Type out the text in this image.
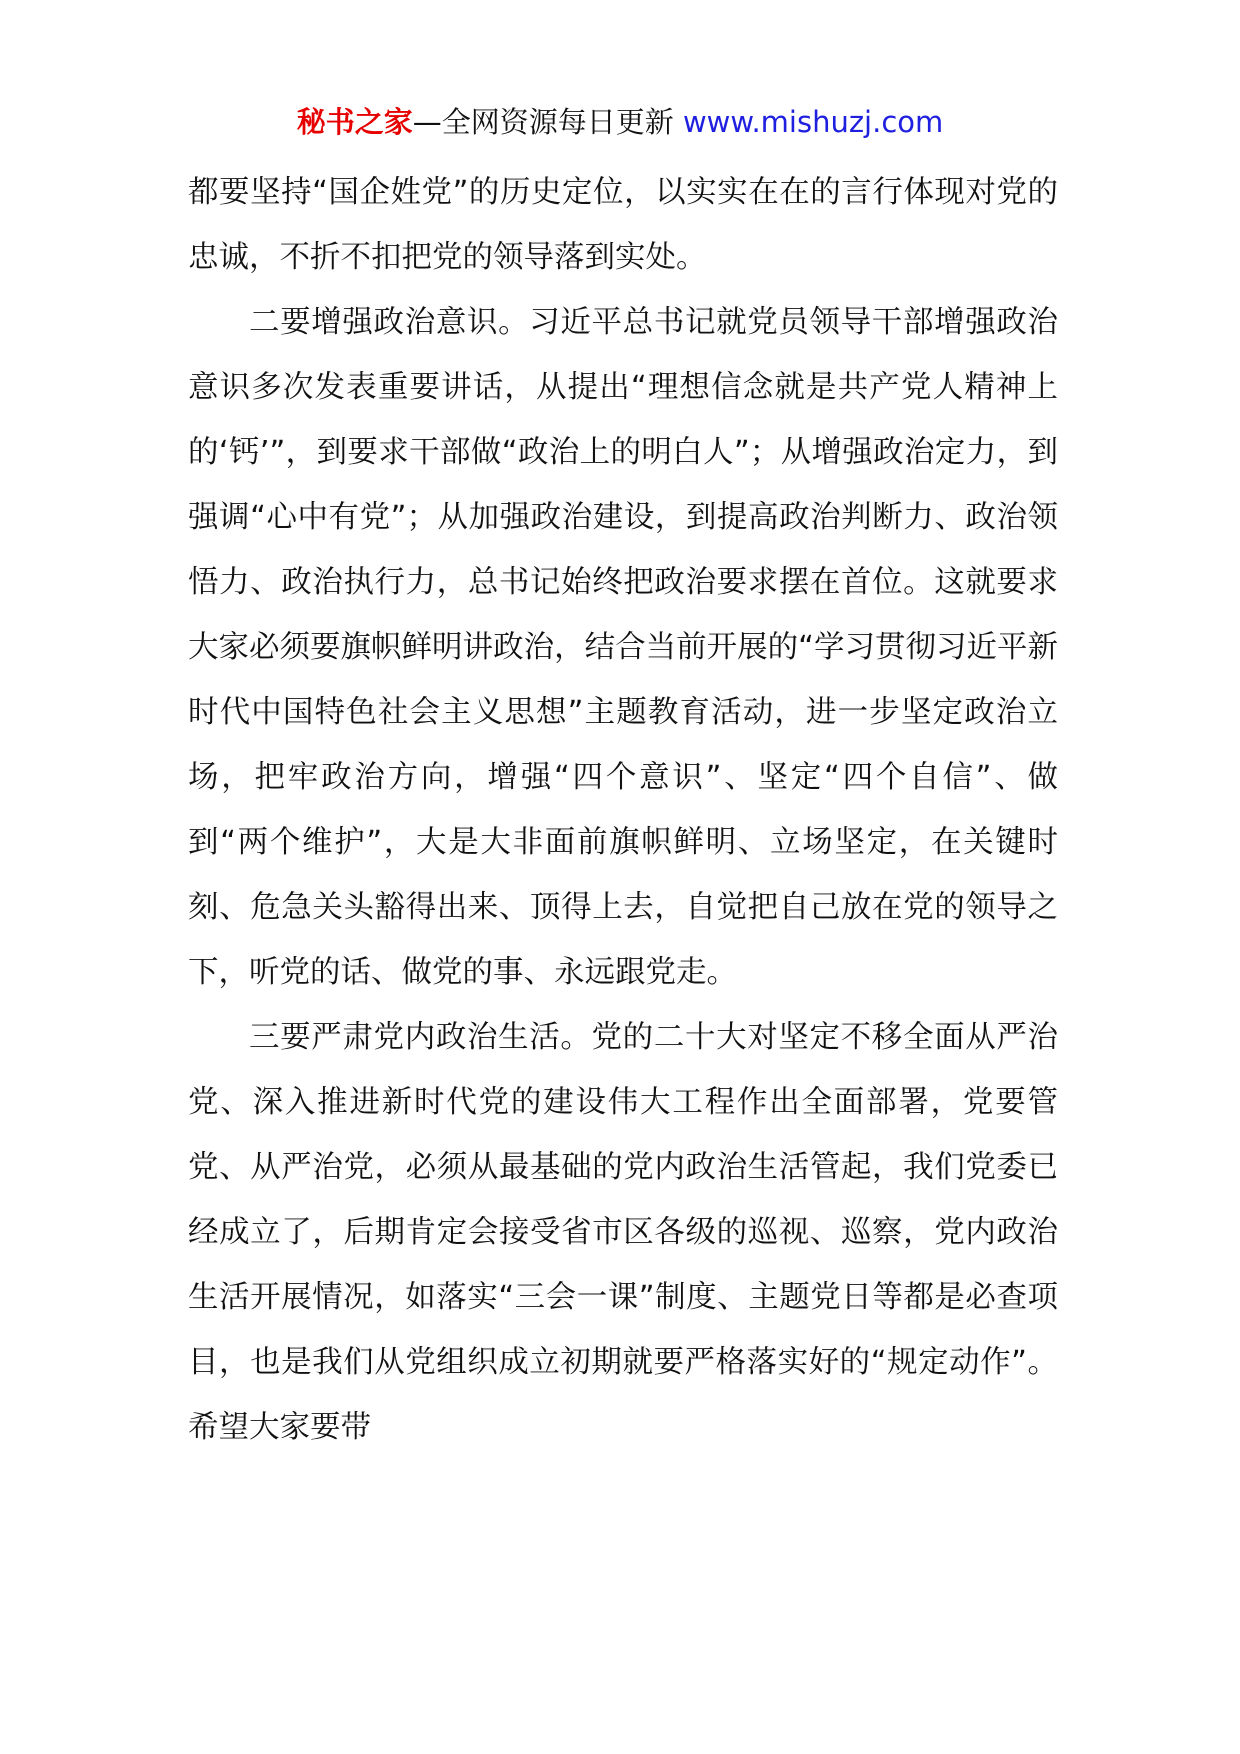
秘书之家—全网资源每日更新 www.mishuzj.com

都要坚持“国企姓党”的历史定位，以实实在在的言行体现对党的忠诚，不折不扣把党的领导落到实处。

二要增强政治意识。习近平总书记就党员领导干部增强政治意识多次发表重要讲话，从提出“理想信念就是共产党人精神上的‘钙’”，到要求干部做“政治上的明白人”；从增强政治定力，到强调“心中有党”；从加强政治建设，到提高政治判断力、政治领悟力、政治执行力，总书记始终把政治要求摆在首位。这就要求大家必须要旗帜鲜明讲政治，结合当前开展的“学习贯彻习近平新时代中国特色社会主义思想”主题教育活动，进一步坚定政治立场，把牢政治方向，增强“四个意识”、坚定“四个自信”、做到“两个维护”，大是大非面前旗帜鲜明、立场坚定，在关键时刻、危急关头豁得出来、顶得上去，自觉把自己放在党的领导之下，听党的话、做党的事、永远跟党走。

三要严肃党内政治生活。党的二十大对坚定不移全面从严治党、深入推进新时代党的建设伟大工程作出全面部署，党要管党、从严治党，必须从最基础的党内政治生活管起，我们党委已经成立了，后期肯定会接受省市区各级的巡视、巡察，党内政治生活开展情况，如落实“三会一课”制度、主题党日等都是必查项目，也是我们从党组织成立初期就要严格落实好的“规定动作”。希望大家要带
